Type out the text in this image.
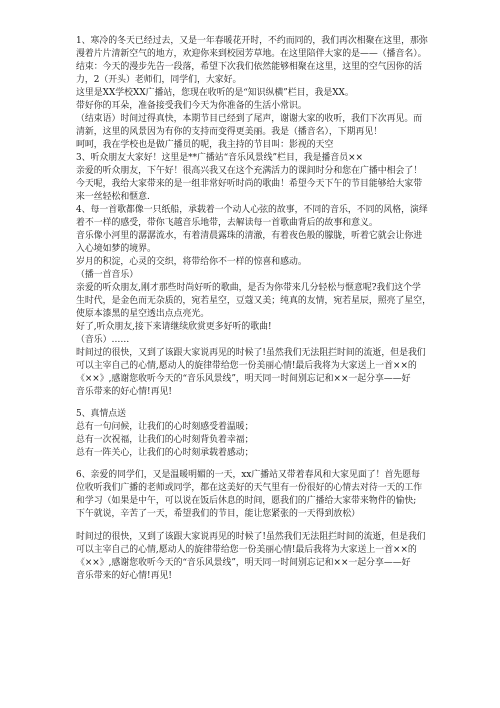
1、寒冷的冬天已经过去，又是一年春暖花开时，不约而同的，我们再次相聚在这里，那弥
漫着片片清新空气的地方，欢迎你来到校园芳草地。在这里陪伴大家的是——（播音名）。
结束：今天的漫步先告一段落，希望下次我们依然能够相聚在这里，这里的空气因你的活
力，2（开头）老师们，同学们，大家好。
这里是XX学校XX广播站，您现在收听的是“知识纵横”栏目，我是XX。
带好你的耳朵，准备接受我们今天为你准备的生活小常识。
（结束语）时间过得真快，本期节目已经到了尾声，谢谢大家的收听，我们下次再见。而
清新，这里的风景因为有你的支持而变得更美丽。我是（播音名），下期再见！
呵呵，我在学校也是做广播员的呢，我主持的节目叫：影视的天空
3、听众朋友大家好！这里是**广播站“音乐风景线”栏目，我是播音员××
亲爱的听众朋友，下午好！很高兴我又在这个充满活力的课间时分和您在广播中相会了！
今天呢，我给大家带来的是一组非常好听时尚的歌曲！希望今天下午的节目能够给大家带
来一丝轻松和惬意.
4、每一首歌都像一只纸船，承载着一个动人心弦的故事，不同的音乐，不同的风格，演绎
着不一样的感受，带你飞越音乐地带，去解读每一首歌曲背后的故事和意义。
音乐像小河里的潺潺流水，有着清晨露珠的清澈，有着夜色般的朦胧，听着它就会让你进
入心境如梦的境界。
岁月的积淀，心灵的交织，将带给你不一样的惊喜和感动。
（播一首音乐）
亲爱的听众朋友,刚才那些时尚好听的歌曲，是否为你带来几分轻松与惬意呢?我们这个学
生时代，是金色而无杂质的，宛若星空，豆蔻又美；纯真的友情，宛若星辰，照亮了星空，
使原本漆黑的星空透出点点亮光。
好了,听众朋友,接下来请继续欣赏更多好听的歌曲!
（音乐）……
时间过的很快，又到了该跟大家说再见的时候了!虽然我们无法阻拦时间的流逝，但是我们
可以主宰自己的心情,愿动人的旋律带给您一份美丽心情!最后我将为大家送上一首××的
《××》,感谢您收听今天的“音乐风景线”，明天同一时间别忘记和××一起分享——好
音乐带来的好心情!再见!
5、真情点送
总有一句问候，让我们的心时刻感受着温暖；
总有一次祝福，让我们的心时刻背负着幸福；
总有一阵关心，让我们的心时刻承载着感动；
6、亲爱的同学们，又是温暖明媚的一天，xx广播站又带着春风和大家见面了！首先愿每
位收听我们广播的老师或同学，都在这美好的天气里有一份很好的心情去对待一天的工作
和学习（如果是中午，可以说在饭后休息的时间，愿我们的广播给大家带来物件的愉快;
下午就说，辛苦了一天，希望我们的节目，能让您紧张的一天得到放松）
时间过的很快，又到了该跟大家说再见的时候了!虽然我们无法阻拦时间的流逝，但是我们
可以主宰自己的心情,愿动人的旋律带给您一份美丽心情!最后我将为大家送上一首××的
《××》,感谢您收听今天的“音乐风景线”，明天同一时间别忘记和××一起分享——好
音乐带来的好心情!再见!
